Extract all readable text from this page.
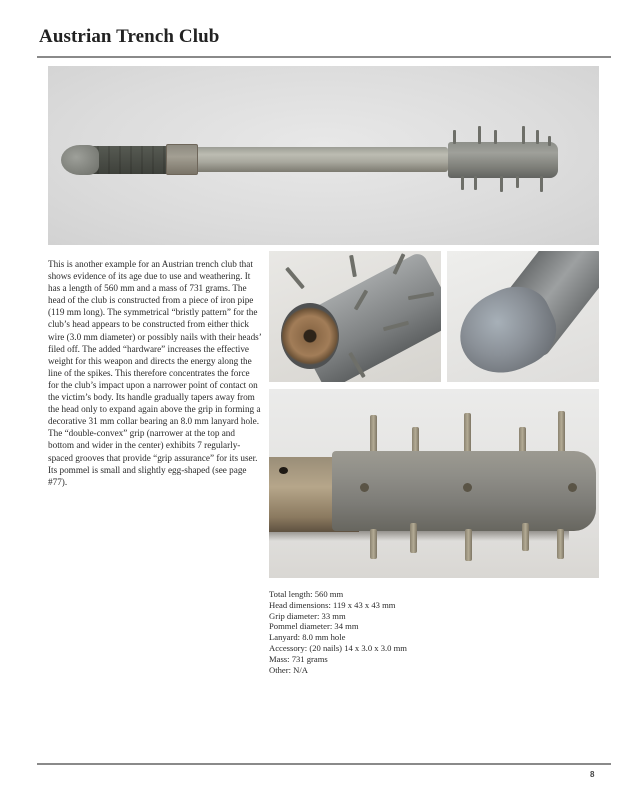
Austrian Trench Club

This is another example for an Austrian trench club that shows evidence of its age due to use and weathering. It has a length of 560 mm and a mass of 731 grams. The head of the club is constructed from a piece of iron pipe (119 mm long). The symmetrical “bristly pattern” for the club’s head appears to be constructed from either thick wire (3.0 mm diameter) or possibly nails with their heads’ filed off. The added “hardware” increases the effective weight for this weapon and directs the energy along the line of the spikes. This therefore concentrates the force for the club’s impact upon a narrower point of contact on the victim’s body. Its handle gradually tapers away from the head only to expand again above the grip in forming a decorative 31 mm collar bearing an 8.0 mm lanyard hole. The “double-convex” grip (narrower at the top and bottom and wider in the center) exhibits 7 regularly-spaced grooves that provide “grip assurance” for its user. Its pommel is small and slightly egg-shaped (see page #77).

Total length: 560 mm
Head dimensions: 119 x 43 x 43 mm
Grip diameter: 33 mm
Pommel diameter: 34 mm
Lanyard: 8.0 mm hole
Accessory: (20 nails) 14 x 3.0 x 3.0 mm
Mass: 731 grams
Other: N/A
8
